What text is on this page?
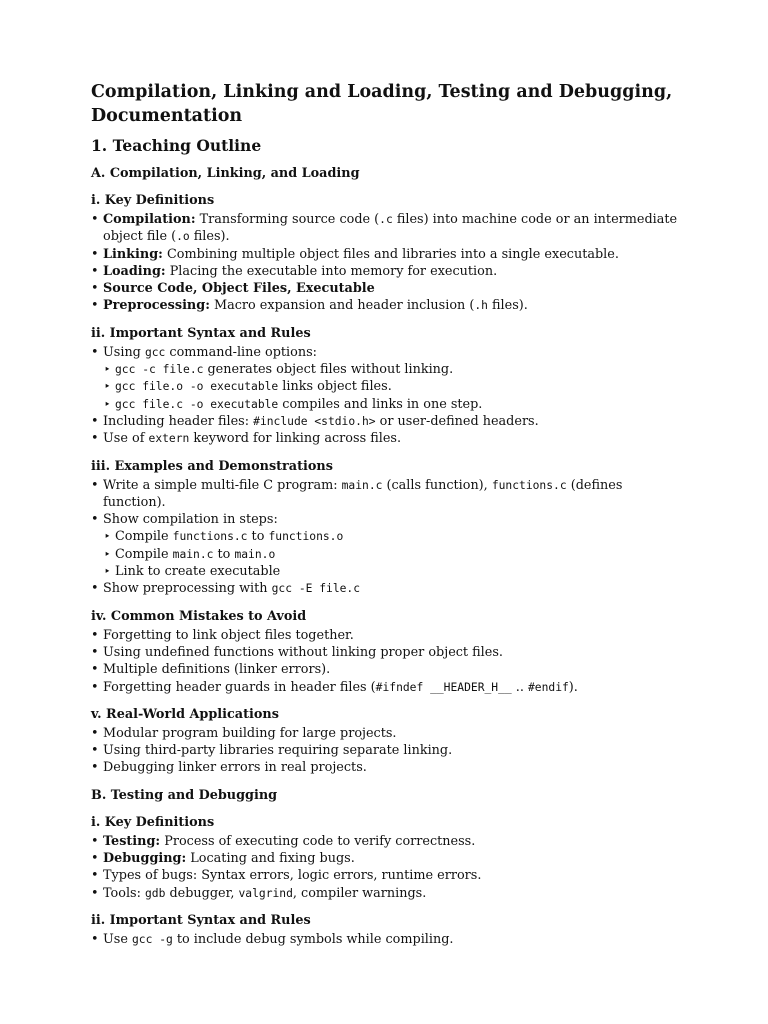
Compilation, Linking and Loading, Testing and Debugging, Documentation
1. Teaching Outline
A. Compilation, Linking, and Loading
i. Key Definitions
• Compilation: Transforming source code (.c files) into machine code or an intermediate object file (.o files).
• Linking: Combining multiple object files and libraries into a single executable.
• Loading: Placing the executable into memory for execution.
• Source Code, Object Files, Executable
• Preprocessing: Macro expansion and header inclusion (.h files).
ii. Important Syntax and Rules
• Using gcc command-line options:
‣ gcc -c file.c generates object files without linking.
‣ gcc file.o -o executable links object files.
‣ gcc file.c -o executable compiles and links in one step.
• Including header files: #include <stdio.h> or user-defined headers.
• Use of extern keyword for linking across files.
iii. Examples and Demonstrations
• Write a simple multi-file C program: main.c (calls function), functions.c (defines function).
• Show compilation in steps:
‣ Compile functions.c to functions.o
‣ Compile main.c to main.o
‣ Link to create executable
• Show preprocessing with gcc -E file.c
iv. Common Mistakes to Avoid
• Forgetting to link object files together.
• Using undefined functions without linking proper object files.
• Multiple definitions (linker errors).
• Forgetting header guards in header files (#ifndef __HEADER_H__ .. #endif).
v. Real-World Applications
• Modular program building for large projects.
• Using third-party libraries requiring separate linking.
• Debugging linker errors in real projects.
B. Testing and Debugging
i. Key Definitions
• Testing: Process of executing code to verify correctness.
• Debugging: Locating and fixing bugs.
• Types of bugs: Syntax errors, logic errors, runtime errors.
• Tools: gdb debugger, valgrind, compiler warnings.
ii. Important Syntax and Rules
• Use gcc -g to include debug symbols while compiling.
